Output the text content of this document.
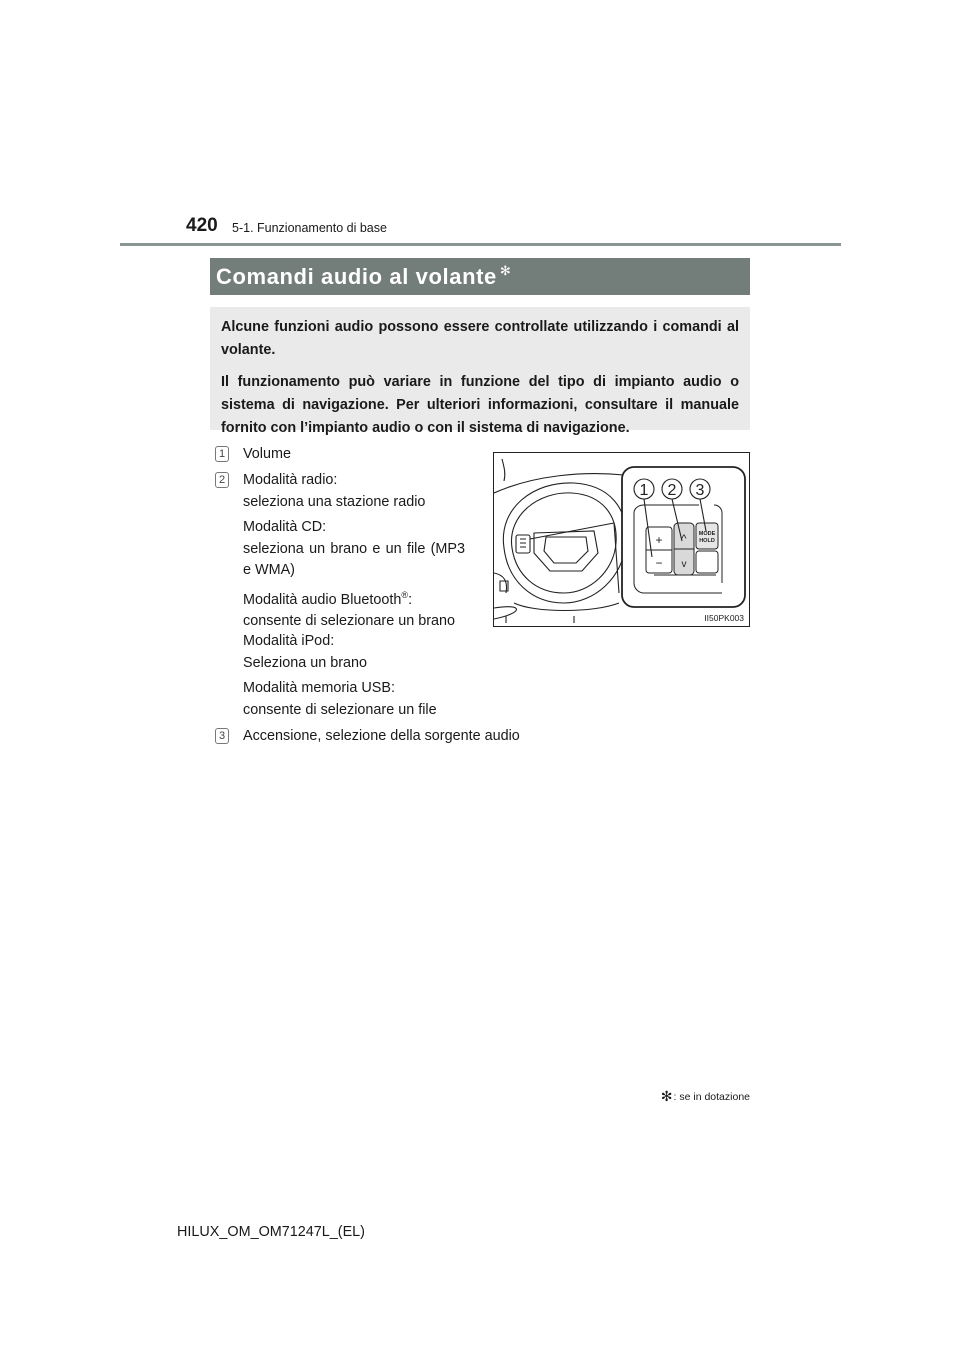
420 5-1. Funzionamento di base
Comandi audio al volante ✻

Alcune funzioni audio possono essere controllate utilizzando i comandi al volante.

Il funzionamento può variare in funzione del tipo di impianto audio o sistema di navigazione. Per ulteriori informazioni, consultare il manuale fornito con l’impianto audio o con il sistema di navigazione.

1 Volume
2 Modalità radio:
seleziona una stazione radio
Modalità CD:
seleziona un brano e un file (MP3 e WMA)
Modalità audio Bluetooth®:
consente di selezionare un brano
Modalità iPod:
Seleziona un brano
Modalità memoria USB:
consente di selezionare un file
3 Accensione, selezione della sorgente audio
1 2 3
+
−
^
v
MODE
HOLD
II50PK003
✻: se in dotazione
HILUX_OM_OM71247L_(EL)
